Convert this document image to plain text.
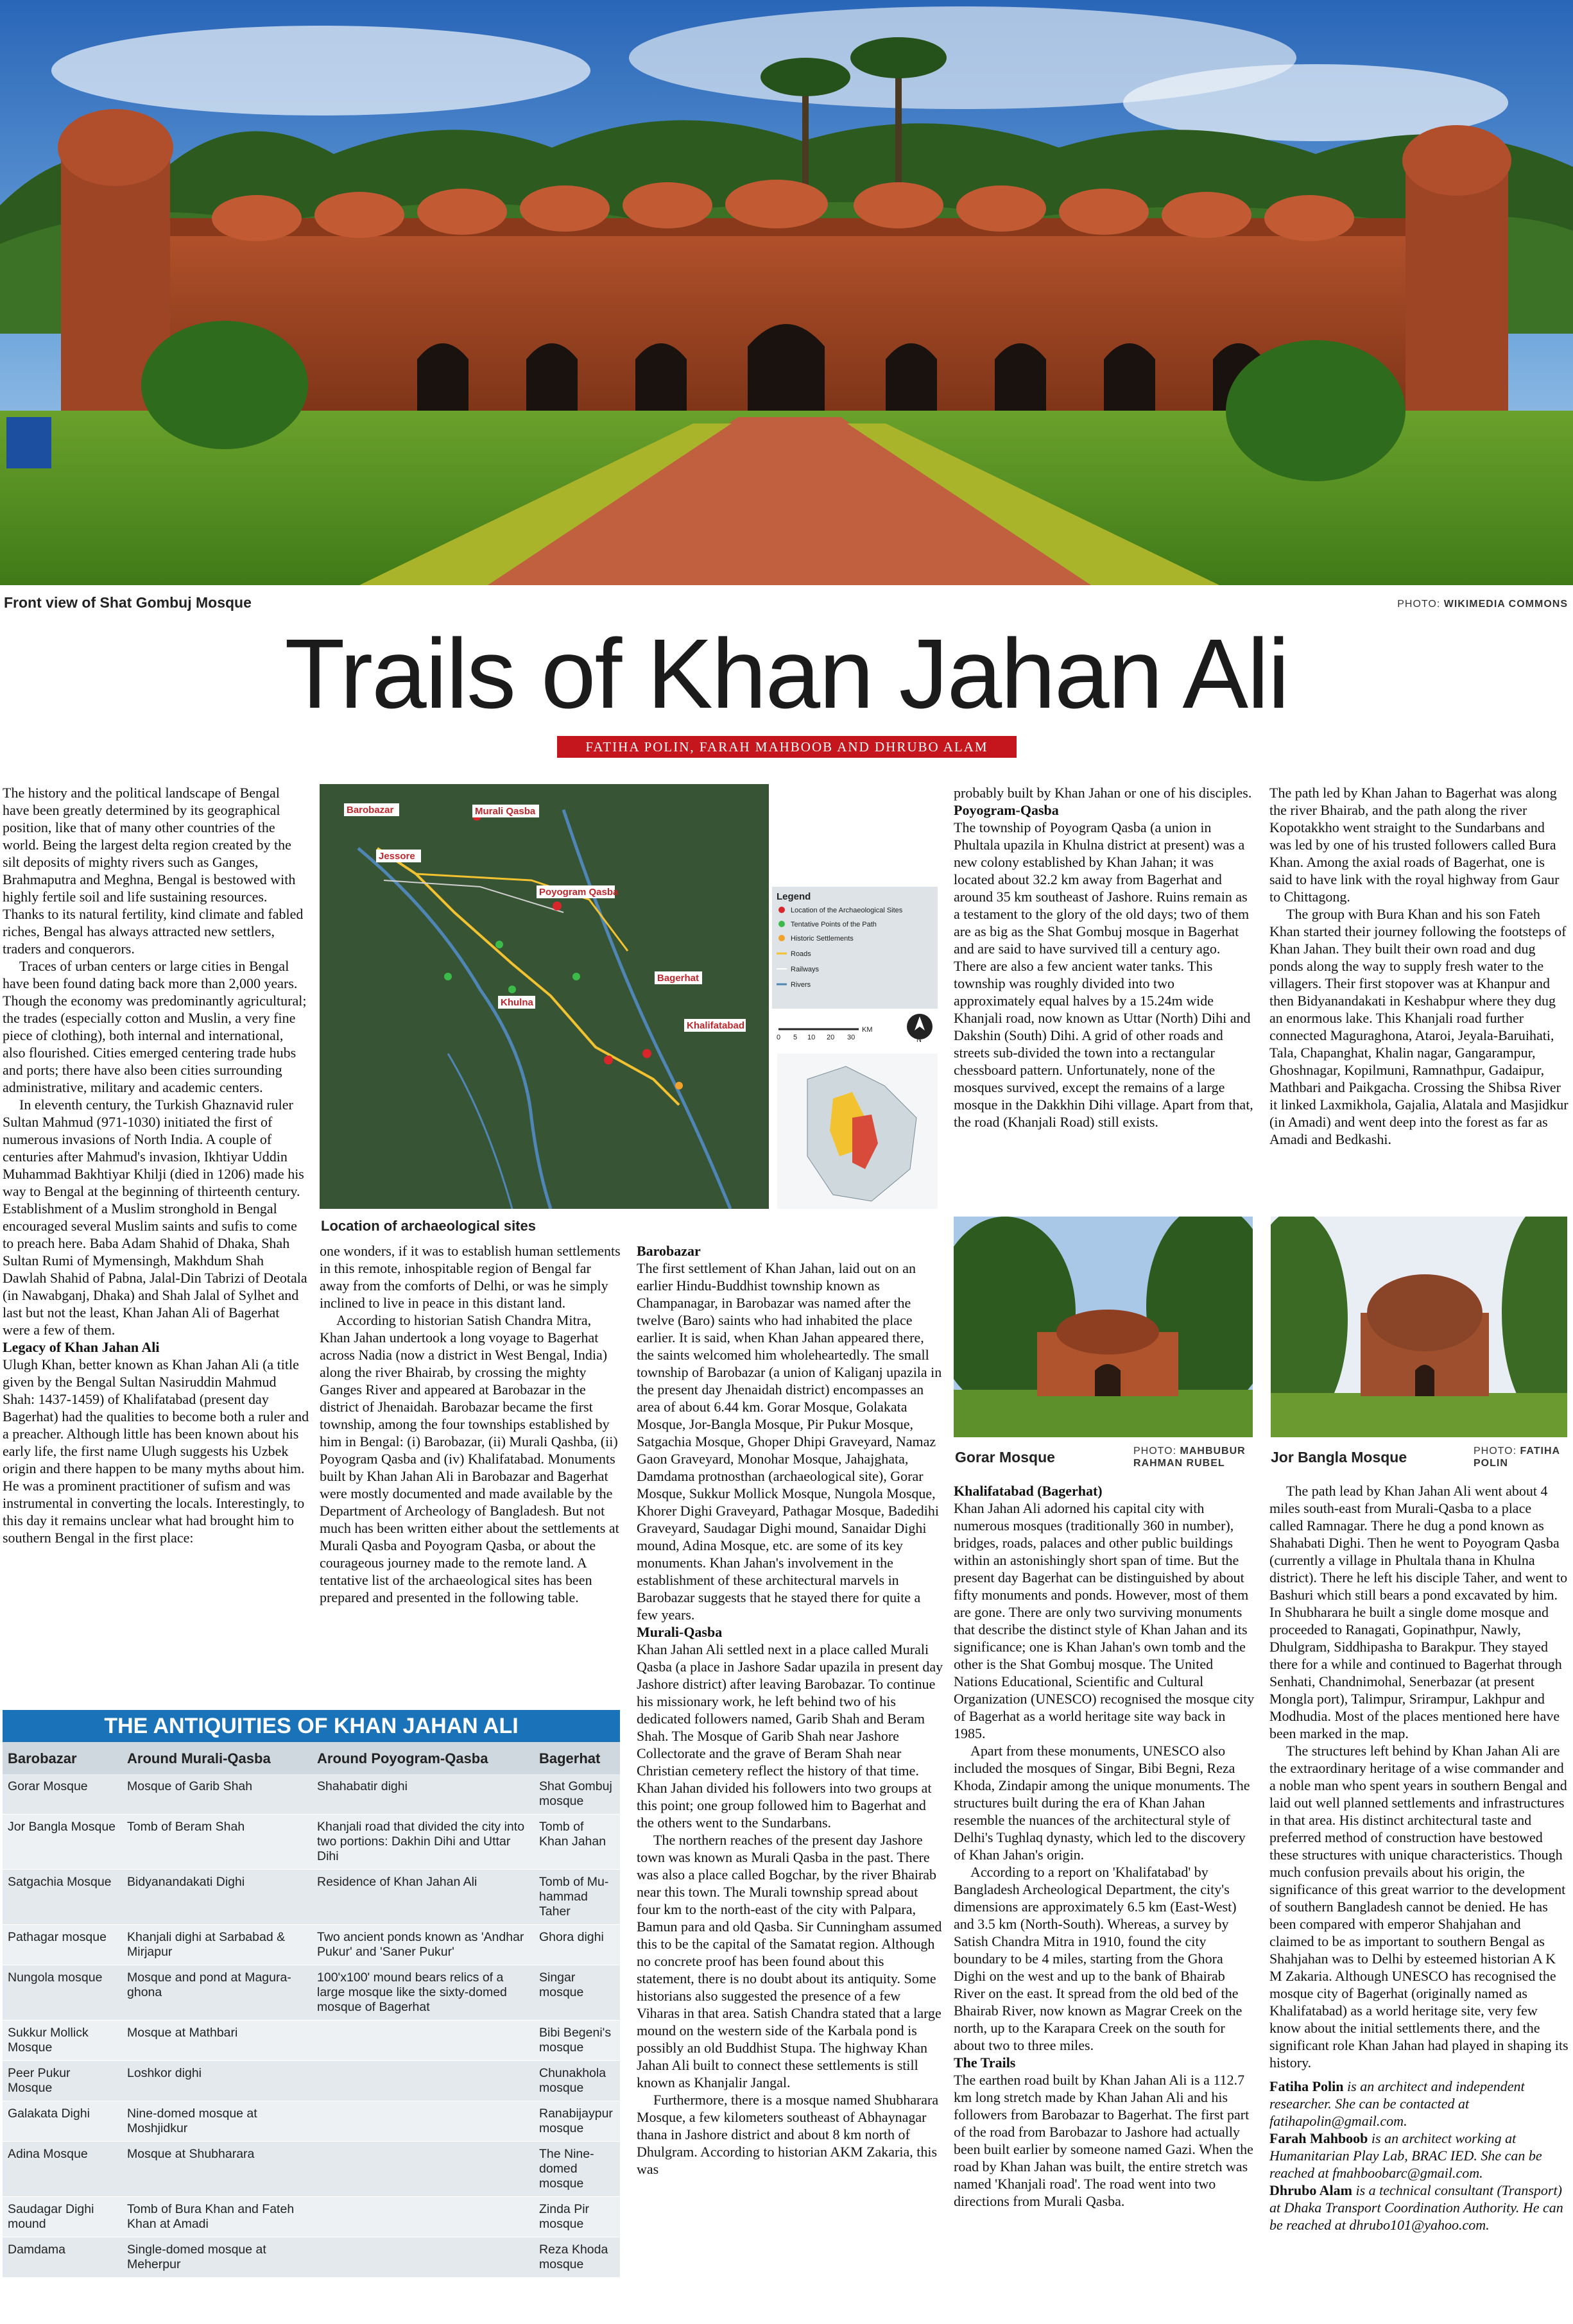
Front view of Shat Gombuj Mosque	PHOTO: WIKIMEDIA COMMONS
Trails of Khan Jahan Ali
FATIHA POLIN, FARAH MAHBOOB AND DHRUBO ALAM

The history and the political landscape of Bengal have been greatly determined by its geographical position, like that of many other countries of the world. Being the largest delta region created by the silt deposits of mighty rivers such as Ganges, Brahmaputra and Meghna, Bengal is bestowed with highly fertile soil and life sustaining resources. Thanks to its natural fertility, kind climate and fabled riches, Bengal has always attracted new settlers, traders and conquerors.

Traces of urban centers or large cities in Bengal have been found dating back more than 2,000 years. Though the economy was predominantly agricultural; the trades (especially cotton and Muslin, a very fine piece of clothing), both internal and international, also flourished. Cities emerged centering trade hubs and ports; there have also been cities surrounding administrative, military and academic centers.

In eleventh century, the Turkish Ghaznavid ruler Sultan Mahmud (971-1030) initiated the first of numerous invasions of North India. A couple of centuries after Mahmud's invasion, Ikhtiyar Uddin Muhammad Bakhtiyar Khilji (died in 1206) made his way to Bengal at the beginning of thirteenth century. Establishment of a Muslim stronghold in Bengal encouraged several Muslim saints and sufis to come to preach here. Baba Adam Shahid of Dhaka, Shah Sultan Rumi of Mymensingh, Makhdum Shah Dawlah Shahid of Pabna, Jalal-Din Tabrizi of Deotala (in Nawabganj, Dhaka) and Shah Jalal of Sylhet and last but not the least, Khan Jahan Ali of Bagerhat were a few of them.

Legacy of Khan Jahan Ali

Ulugh Khan, better known as Khan Jahan Ali (a title given by the Bengal Sultan Nasiruddin Mahmud Shah: 1437-1459) of Khalifatabad (present day Bagerhat) had the qualities to become both a ruler and a preacher. Although little has been known about his early life, the first name Ulugh suggests his Uzbek origin and there happen to be many myths about him. He was a prominent practitioner of sufism and was instrumental in converting the locals. Interestingly, to this day it remains unclear what had brought him to southern Bengal in the first place:

Barobazar	Murali Qasba
Jessore
Poyogram Qasba
Bagerhat
Khulna
Khalifatabad
Legend
Location of the Archaeological Sites
Tentative Points of the Path
Historic Settlements
Roads
Railways
Rivers
0 5 10 20 30
KM
N
Location of archaeological sites

one wonders, if it was to establish human settlements in this remote, inhospitable region of Bengal far away from the comforts of Delhi, or was he simply inclined to live in peace in this distant land.

According to historian Satish Chandra Mitra, Khan Jahan undertook a long voyage to Bagerhat across Nadia (now a district in West Bengal, India) along the river Bhairab, by crossing the mighty Ganges River and appeared at Barobazar in the district of Jhenaidah. Barobazar became the first township, among the four townships established by him in Bengal: (i) Barobazar, (ii) Murali Qashba, (ii) Poyogram Qasba and (iv) Khalifatabad. Monuments built by Khan Jahan Ali in Barobazar and Bagerhat were mostly documented and made available by the Department of Archeology of Bangladesh. But not much has been written either about the settlements at Murali Qasba and Poyogram Qasba, or about the courageous journey made to the remote land. A tentative list of the archaeological sites has been prepared and presented in the following table.

THE ANTIQUITIES OF KHAN JAHAN ALI
Barobazar	Around Murali-Qasba	Around Poyogram-Qasba	Bagerhat
Gorar Mosque	Mosque of Garib Shah	Shahabatir dighi	Shat Gombuj mosque
Jor Bangla Mosque	Tomb of Beram Shah	Khanjali road that divided the city into two portions: Dakhin Dihi and Uttar Dihi	Tomb of Khan Jahan
Satgachia Mosque	Bidyanandakati Dighi	Residence of Khan Jahan Ali	Tomb of Mu-hammad Taher
Pathagar mosque	Khanjali dighi at Sarbabad & Mirjapur	Two ancient ponds known as 'Andhar Pukur' and 'Saner Pukur'	Ghora dighi
Nungola mosque	Mosque and pond at Magura-ghona	100'x100' mound bears relics of a large mosque like the sixty-domed mosque of Bagerhat	Singar mosque
Sukkur Mollick Mosque	Mosque at Mathbari		Bibi Begeni's mosque
Peer Pukur Mosque	Loshkor dighi		Chunakhola mosque
Galakata Dighi	Nine-domed mosque at Moshjidkur		Ranabijaypur mosque
Adina Mosque	Mosque at Shubharara		The Nine-domed mosque
Saudagar Dighi mound	Tomb of Bura Khan and Fateh Khan at Amadi		Zinda Pir mosque
Damdama	Single-domed mosque at Meherpur		Reza Khoda mosque
Barobazar

The first settlement of Khan Jahan, laid out on an earlier Hindu-Buddhist township known as Champanagar, in Barobazar was named after the twelve (Baro) saints who had inhabited the place earlier. It is said, when Khan Jahan appeared there, the saints welcomed him wholeheartedly. The small township of Barobazar (a union of Kaliganj upazila in the present day Jhenaidah district) encompasses an area of about 6.44 km. Gorar Mosque, Golakata Mosque, Jor-Bangla Mosque, Pir Pukur Mosque, Satgachia Mosque, Ghoper Dhipi Graveyard, Namaz Gaon Graveyard, Monohar Mosque, Jahajghata, Damdama protnosthan (archaeological site), Gorar Mosque, Sukkur Mollick Mosque, Nungola Mosque, Khorer Dighi Graveyard, Pathagar Mosque, Badedihi Graveyard, Saudagar Dighi mound, Sanaidar Dighi mound, Adina Mosque, etc. are some of its key monuments. Khan Jahan's involvement in the establishment of these architectural marvels in Barobazar suggests that he stayed there for quite a few years.

Murali-Qasba

Khan Jahan Ali settled next in a place called Murali Qasba (a place in Jashore Sadar upazila in present day Jashore district) after leaving Barobazar. To continue his missionary work, he left behind two of his dedicated followers named, Garib Shah and Beram Shah. The Mosque of Garib Shah near Jashore Collectorate and the grave of Beram Shah near Christian cemetery reflect the history of that time. Khan Jahan divided his followers into two groups at this point; one group followed him to Bagerhat and the others went to the Sundarbans.

The northern reaches of the present day Jashore town was known as Murali Qasba in the past. There was also a place called Bogchar, by the river Bhairab near this town. The Murali township spread about four km to the north-east of the city with Palpara, Bamun para and old Qasba. Sir Cunningham assumed this to be the capital of the Samatat region. Although no concrete proof has been found about this statement, there is no doubt about its antiquity. Some historians also suggested the presence of a few Viharas in that area. Satish Chandra stated that a large mound on the western side of the Karbala pond is possibly an old Buddhist Stupa. The highway Khan Jahan Ali built to connect these settlements is still known as Khanjalir Jangal.

Furthermore, there is a mosque named Shubharara Mosque, a few kilometers southeast of Abhaynagar thana in Jashore district and about 8 km north of Dhulgram. According to historian AKM Zakaria, this was

probably built by Khan Jahan or one of his disciples.

Poyogram-Qasba

The township of Poyogram Qasba (a union in Phultala upazila in Khulna district at present) was a new colony established by Khan Jahan; it was located about 32.2 km away from Bagerhat and around 35 km southeast of Jashore. Ruins remain as a testament to the glory of the old days; two of them are as big as the Shat Gombuj mosque in Bagerhat and are said to have survived till a century ago. There are also a few ancient water tanks. This township was roughly divided into two approximately equal halves by a 15.24m wide Khanjali road, now known as Uttar (North) Dihi and Dakshin (South) Dihi. A grid of other roads and streets sub-divided the town into a rectangular chessboard pattern. Unfortunately, none of the mosques survived, except the remains of a large mosque in the Dakkhin Dihi village. Apart from that, the road (Khanjali Road) still exists.

Gorar Mosque	PHOTO: MAHBUBUR RAHMAN RUBEL
Khalifatabad (Bagerhat)

Khan Jahan Ali adorned his capital city with numerous mosques (traditionally 360 in number), bridges, roads, palaces and other public buildings within an astonishingly short span of time. But the present day Bagerhat can be distinguished by about fifty monuments and ponds. However, most of them are gone. There are only two surviving monuments that describe the distinct style of Khan Jahan and its significance; one is Khan Jahan's own tomb and the other is the Shat Gombuj mosque. The United Nations Educational, Scientific and Cultural Organization (UNESCO) recognised the mosque city of Bagerhat as a world heritage site way back in 1985.

Apart from these monuments, UNESCO also included the mosques of Singar, Bibi Begni, Reza Khoda, Zindapir among the unique monuments. The structures built during the era of Khan Jahan resemble the nuances of the architectural style of Delhi's Tughlaq dynasty, which led to the discovery of Khan Jahan's origin.

According to a report on 'Khalifatabad' by Bangladesh Archeological Department, the city's dimensions are approximately 6.5 km (East-West) and 3.5 km (North-South). Whereas, a survey by Satish Chandra Mitra in 1910, found the city boundary to be 4 miles, starting from the Ghora Dighi on the west and up to the bank of Bhairab River on the east. It spread from the old bed of the Bhairab River, now known as Magrar Creek on the north, up to the Karapara Creek on the south for about two to three miles.

The Trails

The earthen road built by Khan Jahan Ali is a 112.7 km long stretch made by Khan Jahan Ali and his followers from Barobazar to Bagerhat. The first part of the road from Barobazar to Jashore had actually been built earlier by someone named Gazi. When the road by Khan Jahan was built, the entire stretch was named 'Khanjali road'. The road went into two directions from Murali Qasba.

The path led by Khan Jahan to Bagerhat was along the river Bhairab, and the path along the river Kopotakkho went straight to the Sundarbans and was led by one of his trusted followers called Bura Khan. Among the axial roads of Bagerhat, one is said to have link with the royal highway from Gaur to Chittagong.

The group with Bura Khan and his son Fateh Khan started their journey following the footsteps of Khan Jahan. They built their own road and dug ponds along the way to supply fresh water to the villagers. Their first stopover was at Khanpur and then Bidyanandakati in Keshabpur where they dug an enormous lake. This Khanjali road further connected Maguraghona, Ataroi, Jeyala-Baruihati, Tala, Chapanghat, Khalin nagar, Gangarampur, Ghoshnagar, Kopilmuni, Ramnathpur, Gadaipur, Mathbari and Paikgacha. Crossing the Shibsa River it linked Laxmikhola, Gajalia, Alatala and Masjidkur (in Amadi) and went deep into the forest as far as Amadi and Bedkashi.

Jor Bangla Mosque	PHOTO: FATIHA POLIN

The path lead by Khan Jahan Ali went about 4 miles south-east from Murali-Qasba to a place called Ramnagar. There he dug a pond known as Shahabati Dighi. Then he went to Poyogram Qasba (currently a village in Phultala thana in Khulna district). There he left his disciple Taher, and went to Bashuri which still bears a pond excavated by him. In Shubharara he built a single dome mosque and proceeded to Ranagati, Gopinathpur, Nawly, Dhulgram, Siddhipasha to Barakpur. They stayed there for a while and continued to Bagerhat through Senhati, Chandnimohal, Senerbazar (at present Mongla port), Talimpur, Srirampur, Lakhpur and Modhudia. Most of the places mentioned here have been marked in the map.

The structures left behind by Khan Jahan Ali are the extraordinary heritage of a wise commander and a noble man who spent years in southern Bengal and laid out well planned settlements and infrastructures in that area. His distinct architectural taste and preferred method of construction have bestowed these structures with unique characteristics. Though much confusion prevails about his origin, the significance of this great warrior to the development of southern Bangladesh cannot be denied. He has been compared with emperor Shahjahan and claimed to be as important to southern Bengal as Shahjahan was to Delhi by esteemed historian A K M Zakaria. Although UNESCO has recognised the mosque city of Bagerhat (originally named as Khalifatabad) as a world heritage site, very few know about the initial settlements there, and the significant role Khan Jahan had played in shaping its history.

Fatiha Polin is an architect and independent researcher. She can be contacted at fatihapolin@gmail.com.

Farah Mahboob is an architect working at Humanitarian Play Lab, BRAC IED. She can be reached at fmahboobarc@gmail.com.

Dhrubo Alam is a technical consultant (Transport) at Dhaka Transport Coordination Authority. He can be reached at dhrubo101@yahoo.com.
